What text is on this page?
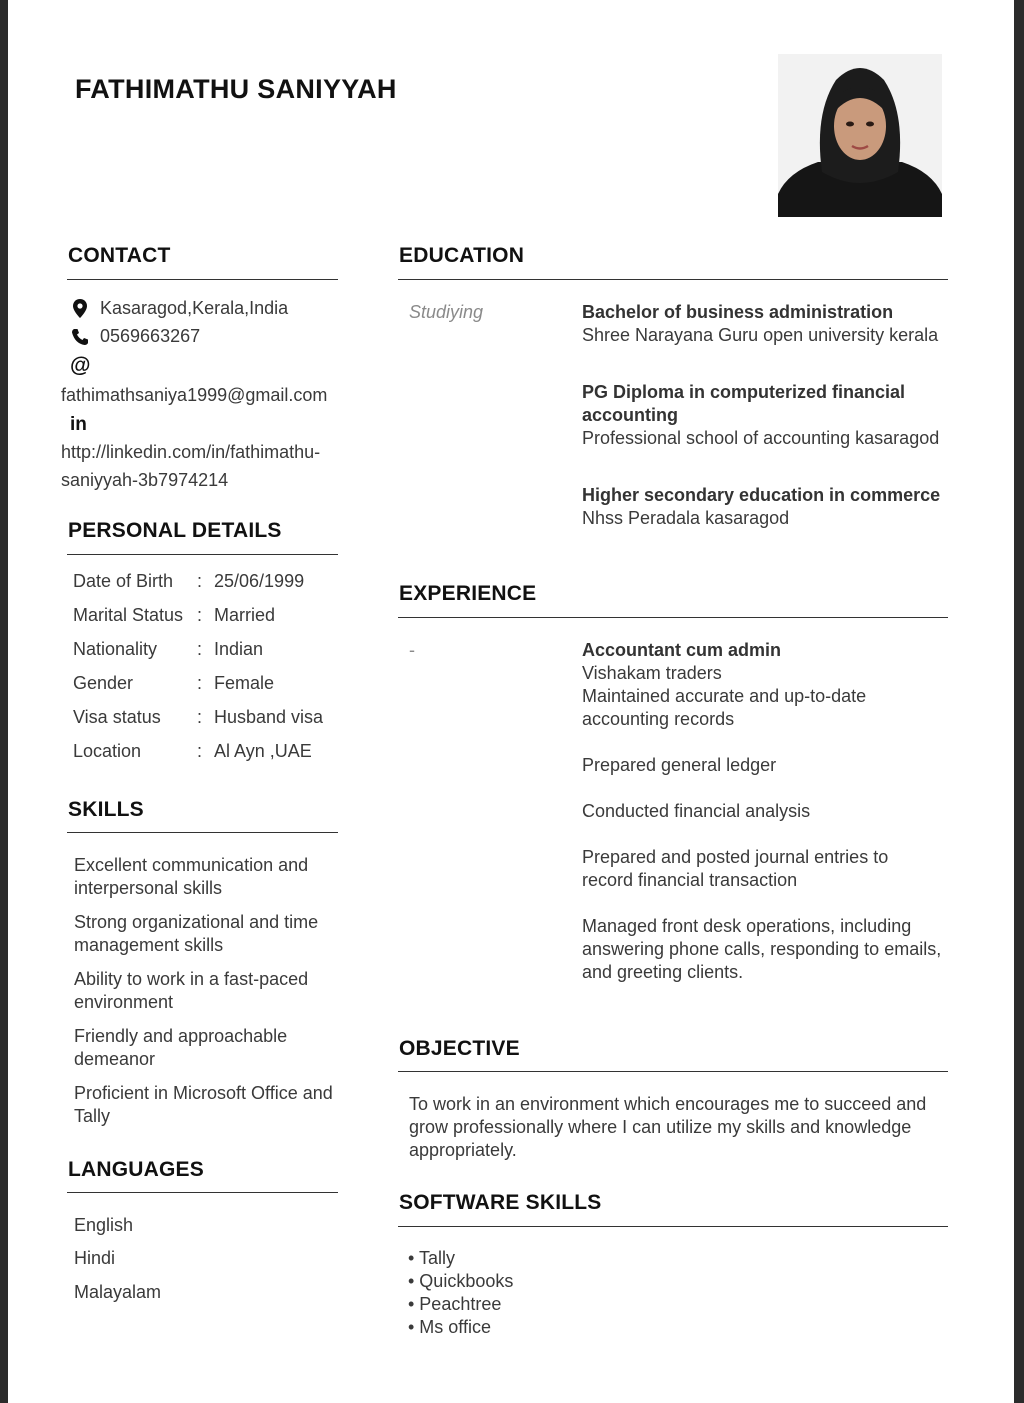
FATHIMATHU SANIYYAH
CONTACT
Kasaragod,Kerala,India
0569663267
@
fathimathsaniya1999@gmail.com
in
http://linkedin.com/in/fathimathu-
saniyyah-3b7974214
PERSONAL DETAILS
Date of Birth	: 25/06/1999
Marital Status : Married
Nationality	: Indian
Gender	: Female
Visa status	: Husband visa
Location	: Al Ayn ,UAE
SKILLS
Excellent communication and interpersonal skills
Strong organizational and time management skills
Ability to work in a fast-paced environment
Friendly and approachable demeanor
Proficient in Microsoft Office and Tally
LANGUAGES
English
Hindi
Malayalam
EDUCATION
Studiying	Bachelor of business administration
Shree Narayana Guru open university kerala
PG Diploma in computerized financial accounting
Professional school of accounting kasaragod
Higher secondary education in commerce
Nhss Peradala kasaragod
EXPERIENCE
-	Accountant cum admin
Vishakam traders
Maintained accurate and up-to-date accounting records
Prepared general ledger
Conducted financial analysis
Prepared and posted journal entries to record financial transaction
Managed front desk operations, including answering phone calls, responding to emails, and greeting clients.
OBJECTIVE
To work in an environment which encourages me to succeed and grow professionally where I can utilize my skills and knowledge appropriately.
SOFTWARE SKILLS
• Tally
• Quickbooks
• Peachtree
• Ms office
